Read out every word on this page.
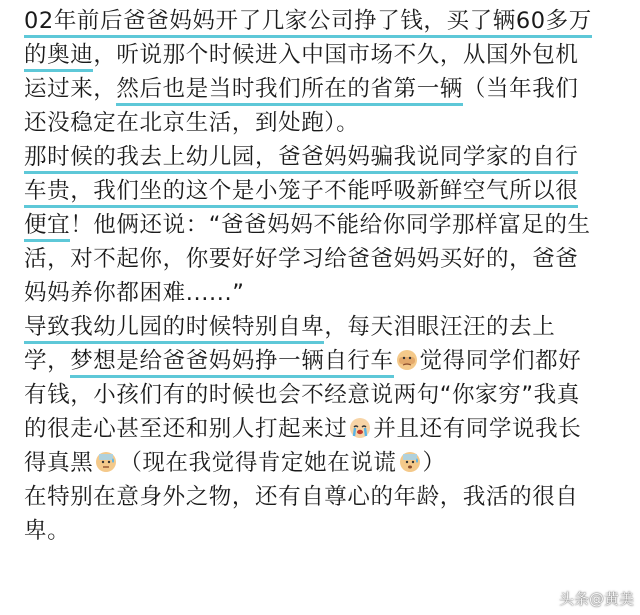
02年前后爸爸妈妈开了几家公司挣了钱，买了辆60多万
的奥迪，听说那个时候进入中国市场不久，从国外包机
运过来，然后也是当时我们所在的省第一辆（当年我们
还没稳定在北京生活，到处跑）。
那时候的我去上幼儿园，爸爸妈妈骗我说同学家的自行
车贵，我们坐的这个是小笼子不能呼吸新鲜空气所以很
便宜！他俩还说：“爸爸妈妈不能给你同学那样富足的生
活，对不起你，你要好好学习给爸爸妈妈买好的，爸爸
妈妈养你都困难......”
导致我幼儿园的时候特别自卑，每天泪眼汪汪的去上
学，梦想是给爸爸妈妈挣一辆自行车 觉得同学们都好
有钱，小孩们有的时候也会不经意说两句“你家穷”我真
的很走心甚至还和别人打起来过 并且还有同学说我长
得真黑 （现在我觉得肯定她在说谎 ）
在特别在意身外之物，还有自尊心的年龄，我活的很自
卑。
头条@黄美
